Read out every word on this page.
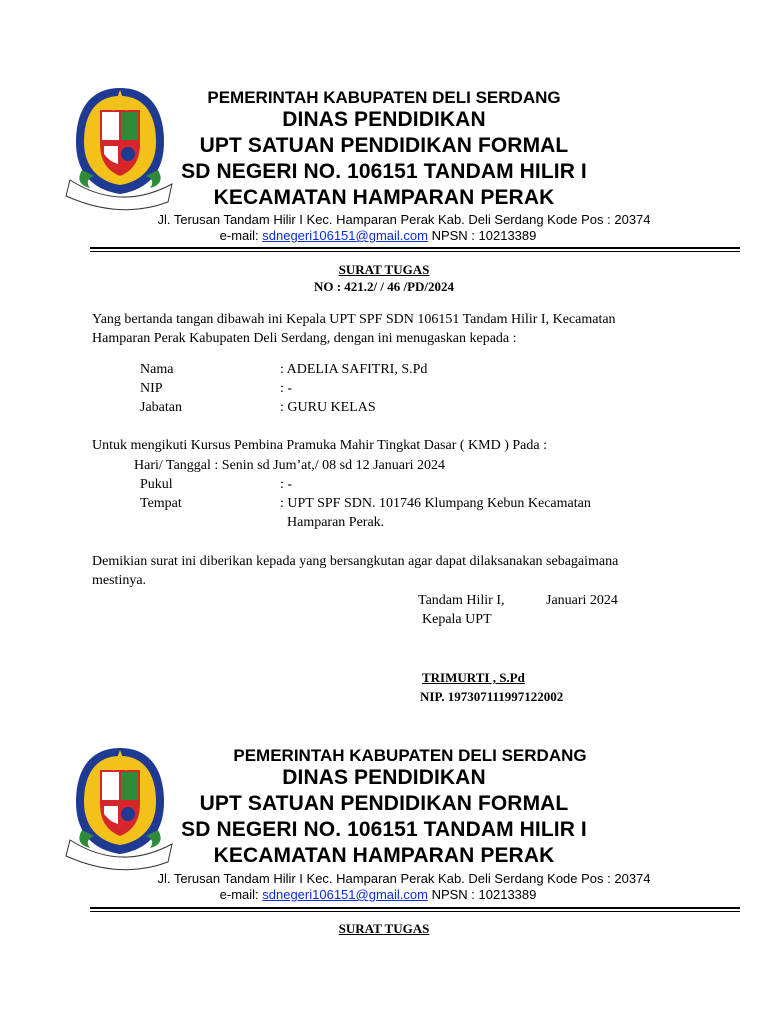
PEMERINTAH KABUPATEN DELI SERDANG
DINAS PENDIDIKAN
UPT SATUAN PENDIDIKAN FORMAL
SD NEGERI NO. 106151 TANDAM HILIR I
KECAMATAN HAMPARAN PERAK
Jl. Terusan Tandam Hilir I Kec. Hamparan Perak Kab. Deli Serdang Kode Pos : 20374
e-mail: sdnegeri106151@gmail.com NPSN : 10213389
SURAT TUGAS
NO : 421.2/ / 46 /PD/2024
Yang bertanda tangan dibawah ini Kepala UPT SPF SDN 106151 Tandam Hilir I, Kecamatan
Hamparan Perak Kabupaten Deli Serdang, dengan ini menugaskan kepada :
Nama	: ADELIA SAFITRI, S.Pd
NIP	: -
Jabatan	: GURU KELAS
Untuk mengikuti Kursus Pembina Pramuka Mahir Tingkat Dasar ( KMD ) Pada :
Hari/ Tanggal : Senin sd Jum’at,/ 08 sd 12 Januari 2024
Pukul	: -
Tempat	: UPT SPF SDN. 101746 Klumpang Kebun Kecamatan
Hamparan Perak.
Demikian surat ini diberikan kepada yang bersangkutan agar dapat dilaksanakan sebagaimana
mestinya.
Tandam Hilir I,	Januari 2024
Kepala UPT
TRIMURTI , S.Pd
NIP. 197307111997122002
PEMERINTAH KABUPATEN DELI SERDANG
DINAS PENDIDIKAN
UPT SATUAN PENDIDIKAN FORMAL
SD NEGERI NO. 106151 TANDAM HILIR I
KECAMATAN HAMPARAN PERAK
Jl. Terusan Tandam Hilir I Kec. Hamparan Perak Kab. Deli Serdang Kode Pos : 20374
e-mail: sdnegeri106151@gmail.com NPSN : 10213389
SURAT TUGAS
